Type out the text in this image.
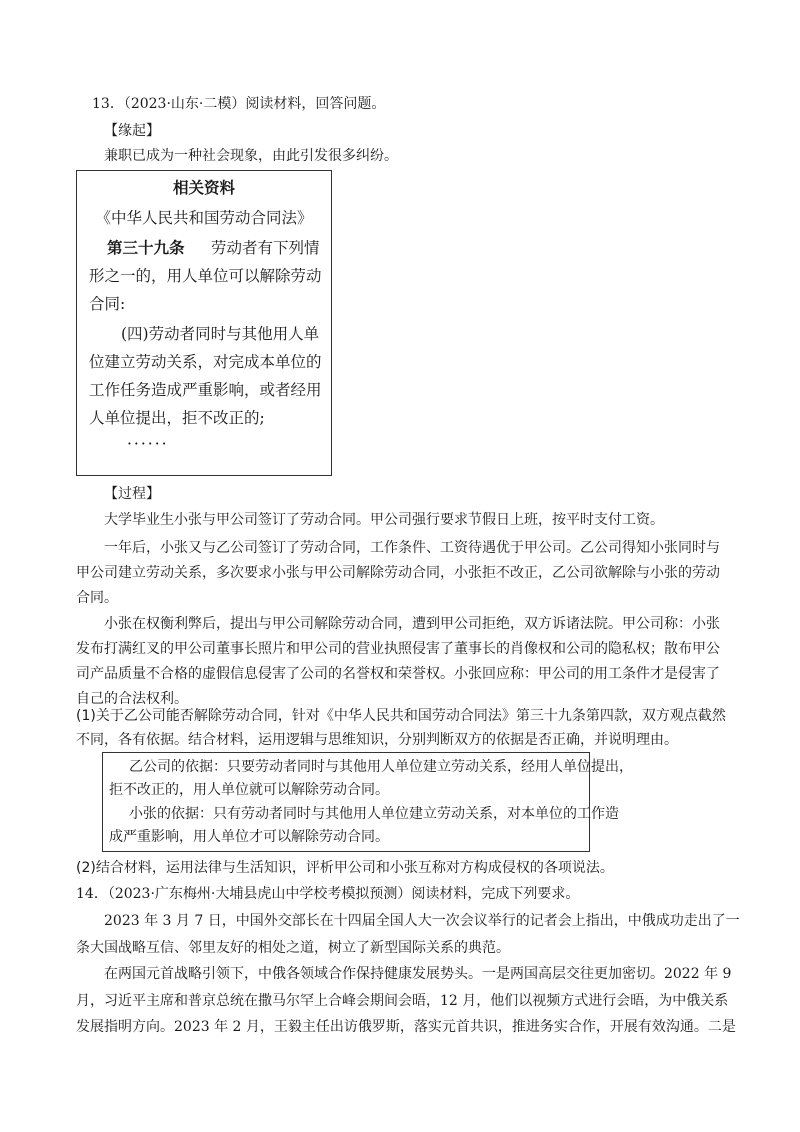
13．（2023·山东·二模）阅读材料，回答问题。
【缘起】
兼职已成为一种社会现象，由此引发很多纠纷。
相关资料
《中华人民共和国劳动合同法》
第三十九条 劳动者有下列情
形之一的，用人单位可以解除劳动
合同:
(四)劳动者同时与其他用人单
位建立劳动关系，对完成本单位的
工作任务造成严重影响，或者经用
人单位提出，拒不改正的;
······
【过程】
大学毕业生小张与甲公司签订了劳动合同。甲公司强行要求节假日上班，按平时支付工资。
一年后，小张又与乙公司签订了劳动合同，工作条件、工资待遇优于甲公司。乙公司得知小张同时与
甲公司建立劳动关系，多次要求小张与甲公司解除劳动合同，小张拒不改正，乙公司欲解除与小张的劳动
合同。
小张在权衡利弊后，提出与甲公司解除劳动合同，遭到甲公司拒绝，双方诉诸法院。甲公司称：小张
发布打满红叉的甲公司董事长照片和甲公司的营业执照侵害了董事长的肖像权和公司的隐私权；散布甲公
司产品质量不合格的虚假信息侵害了公司的名誉权和荣誉权。小张回应称：甲公司的用工条件才是侵害了
自己的合法权利。
(1)关于乙公司能否解除劳动合同，针对《中华人民共和国劳动合同法》第三十九条第四款，双方观点截然
不同，各有依据。结合材料，运用逻辑与思维知识，分别判断双方的依据是否正确，并说明理由。
乙公司的依据：只要劳动者同时与其他用人单位建立劳动关系，经用人单位提出，
拒不改正的，用人单位就可以解除劳动合同。
小张的依据：只有劳动者同时与其他用人单位建立劳动关系，对本单位的工作造
成严重影响，用人单位才可以解除劳动合同。
(2)结合材料，运用法律与生活知识，评析甲公司和小张互称对方构成侵权的各项说法。
14．（2023·广东梅州·大埔县虎山中学校考模拟预测）阅读材料，完成下列要求。
2023 年 3 月 7 日，中国外交部长在十四届全国人大一次会议举行的记者会上指出，中俄成功走出了一
条大国战略互信、邻里友好的相处之道，树立了新型国际关系的典范。
在两国元首战略引领下，中俄各领域合作保持健康发展势头。一是两国高层交往更加密切。2022 年 9
月，习近平主席和普京总统在撒马尔罕上合峰会期间会晤，12 月，他们以视频方式进行会晤，为中俄关系
发展指明方向。2023 年 2 月，王毅主任出访俄罗斯，落实元首共识，推进务实合作，开展有效沟通。二是
